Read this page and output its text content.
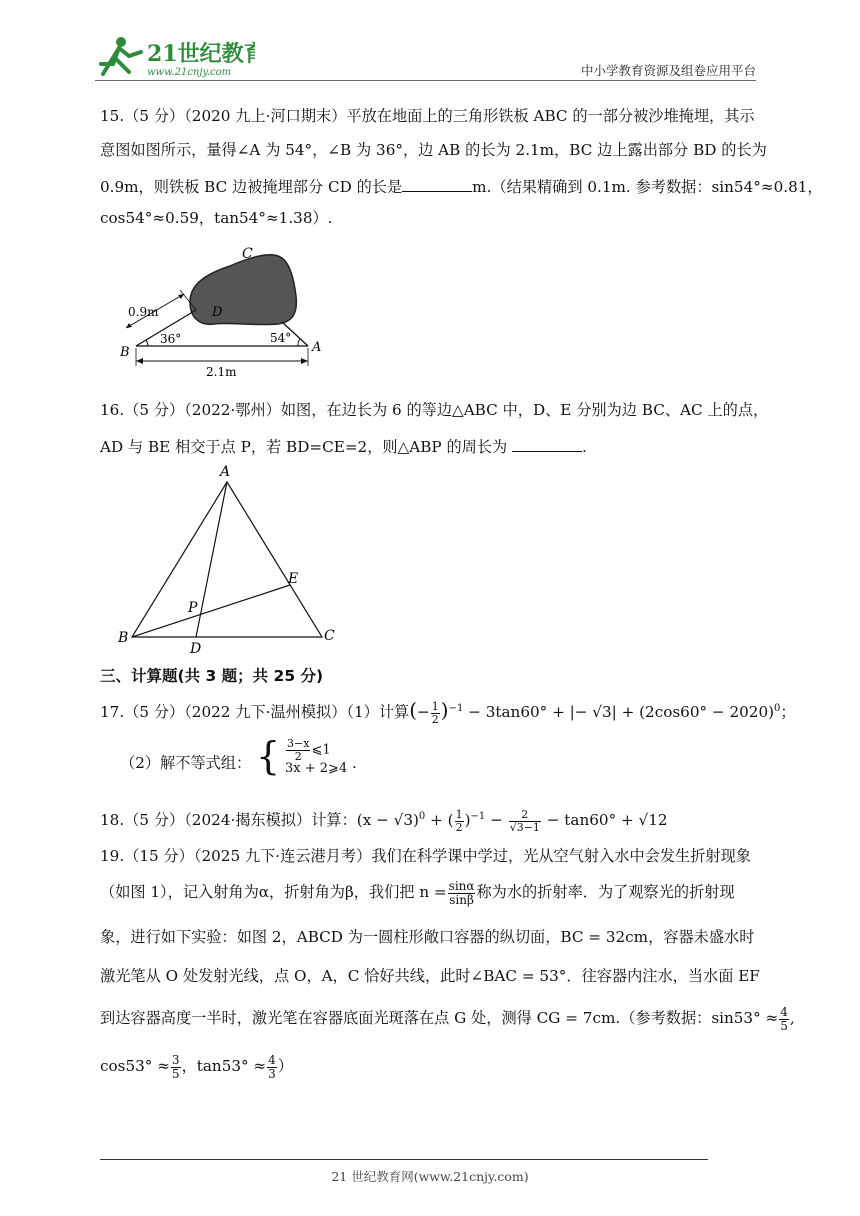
21世纪教育
www.21cnjy.com	中小学教育资源及组卷应用平台
15.（5 分）（2020 九上·河口期末）平放在地面上的三角形铁板 ABC 的一部分被沙堆掩埋，其示
意图如图所示，量得∠A 为 54°，∠B 为 36°，边 AB 的长为 2.1m，BC 边上露出部分 BD 的长为
0.9m，则铁板 BC 边被掩埋部分 CD 的长是	m.（结果精确到 0.1m. 参考数据：sin54°≈0.81，
cos54°≈0.59，tan54°≈1.38）.
C
D
B	A
0.9m
36°	54°
2.1m
16.（5 分）（2022·鄂州）如图，在边长为 6 的等边△ABC 中，D、E 分别为边 BC、AC 上的点，
AD 与 BE 相交于点 P，若 BD=CE=2，则△ABP 的周长为	.
A
B	C
D
E
P
三、计算题(共 3 题；共 25 分)
17.（5 分）（2022 九下·温州模拟）（1）计算(− $\frac{1}{2} )^{-1} - 3\tan 60^\circ$ + |− $√3| + (2\cos 60^\circ - 2020)^0$；
（2）解不等式组： { $\frac{3-x}{2}$ ⩽1
3x + 2⩾4 .
18.（5 分）（2024·揭东模拟）计算：$(x - √3)^0$ + ( $\frac{1}{2} )^{-1} - \frac{2}{√3-1} - \tan 60^\circ + √12$
19.（15 分）（2025 九下·连云港月考）我们在科学课中学过，光从空气射入水中会发生折射现象
（如图 1），记入射角为α，折射角为β，我们把 $n = \frac{\sin\alpha}{\sin\beta}$ 称为水的折射率．为了观察光的折射现
象，进行如下实验：如图 2，ABCD 为一圆柱形敞口容器的纵切面，BC = 32cm，容器未盛水时
激光笔从 O 处发射光线，点 O，A，C 恰好共线，此时∠BAC = 53°．往容器内注水，当水面 EF
到达容器高度一半时，激光笔在容器底面光斑落在点 G 处，测得 CG = 7cm.（参考数据：$\sin 53^\circ \approx \frac{4}{5}$ ,
$\cos 53^\circ \approx \frac{3}{5}$ ，$\tan 53^\circ \approx \frac{4}{3}$ ）
21 世纪教育网(www.21cnjy.com)
